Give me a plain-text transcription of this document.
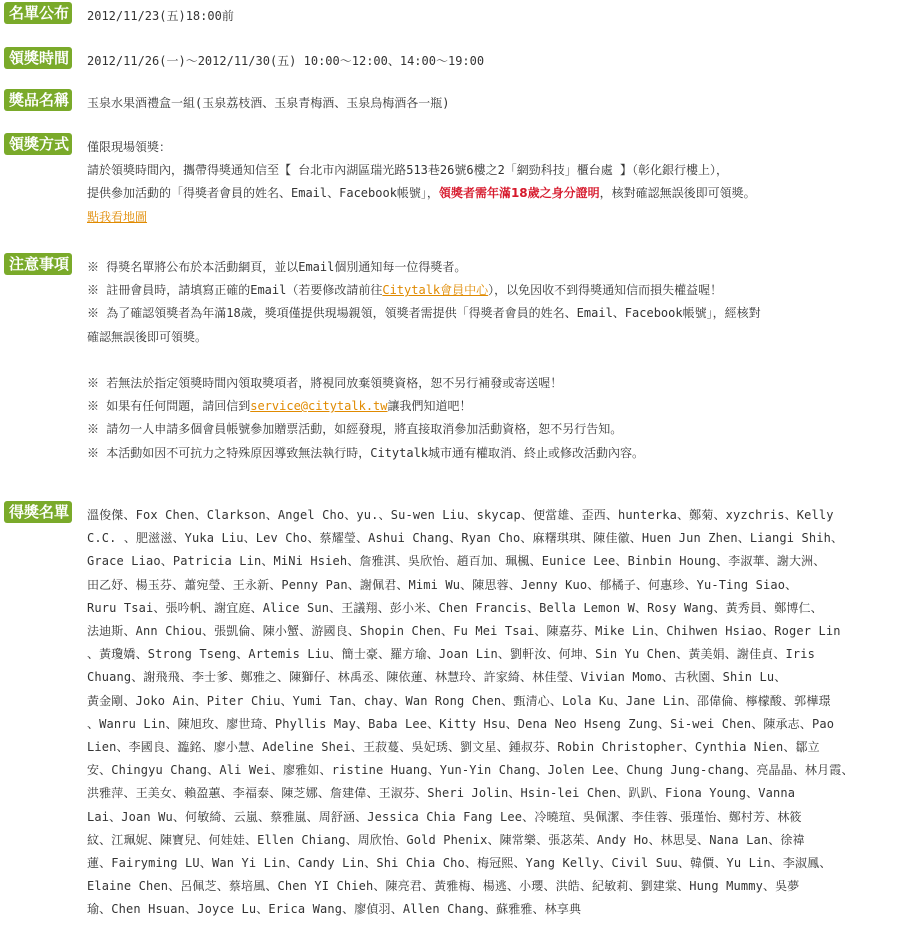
名單公布 2012/11/23(五)18:00前
領獎時間 2012/11/26(一)～2012/11/30(五) 10:00～12:00、14:00～19:00
獎品名稱 玉泉水果酒禮盒一組(玉泉荔枝酒、玉泉青梅酒、玉泉烏梅酒各一瓶)
領獎方式 僅限現場領獎：
請於領獎時間內，攜帶得獎通知信至【 台北市內湖區瑞光路513巷26號6樓之2「網勁科技」櫃台處 】（彰化銀行樓上），
提供參加活動的「得獎者會員的姓名、Email、Facebook帳號」，領獎者需年滿18歲之身分證明，核對確認無誤後即可領獎。
點我看地圖
注意事項 ※ 得獎名單將公布於本活動網頁，並以Email個別通知每一位得獎者。
※ 註冊會員時，請填寫正確的Email（若要修改請前往Citytalk會員中心），以免因收不到得獎通知信而損失權益喔！
※ 為了確認領獎者為年滿18歲，獎項僅提供現場親領，領獎者需提供「得獎者會員的姓名、Email、Facebook帳號」，經核對
確認無誤後即可領獎。
※ 若無法於指定領獎時間內領取獎項者，將視同放棄領獎資格，恕不另行補發或寄送喔！
※ 如果有任何問題，請回信到service@citytalk.tw讓我們知道吧！
※ 請勿一人申請多個會員帳號參加贈票活動，如經發現，將直接取消參加活動資格，恕不另行告知。
※ 本活動如因不可抗力之特殊原因導致無法執行時，Citytalk城市通有權取消、終止或修改活動內容。
得獎名單 溫俊傑、Fox Chen、Clarkson、Angel Cho、yu.、Su-wen Liu、skycap、便當雄、歪西、hunterka、鄭菊、xyzchris、Kelly
C.C. 、肥滋滋、Yuka Liu、Lev Cho、蔡耀瑩、Ashui Chang、Ryan Cho、麻糬琪琪、陳佳徽、Huen Jun Zhen、Liangi Shih、
Grace Liao、Patricia Lin、MiNi Hsieh、詹雅淇、吳欣怡、趙百加、珮楓、Eunice Lee、Binbin Houng、李淑華、謝大洲、
田乙妤、楊玉芬、蕭宛瑩、王永新、Penny Pan、謝佩君、Mimi Wu、陳思蓉、Jenny Kuo、郁橘子、何惠珍、Yu-Ting Siao、
Ruru Tsai、張吟帆、謝宜庭、Alice Sun、王議翔、彭小米、Chen Francis、Bella Lemon W、Rosy Wang、黃秀員、鄭博仁、
法迪斯、Ann Chiou、張凱倫、陳小蟹、游國良、Shopin Chen、Fu Mei Tsai、陳嘉芬、Mike Lin、Chihwen Hsiao、Roger Lin
、黃瓊嬌、Strong Tseng、Artemis Liu、簡士豪、羅方瑜、Joan Lin、劉軒汝、何坤、Sin Yu Chen、黃美娟、謝佳貞、Iris
Chuang、謝飛飛、李士爹、鄭雅之、陳獅仔、林禹丞、陳依蓮、林慧玲、許家綺、林佳瑩、Vivian Momo、古秋園、Shin Lu、
黃金剛、Joko Ain、Piter Chiu、Yumi Tan、chay、Wan Rong Chen、甄清心、Lola Ku、Jane Lin、邵偉倫、檸檬酸、郭樺璟
、Wanru Lin、陳旭玫、廖世琦、Phyllis May、Baba Lee、Kitty Hsu、Dena Neo Hseng Zung、Si-wei Chen、陳承志、Pao
Lien、李國良、瀶銘、廖小慧、Adeline Shei、王菽蔓、吳妃琇、劉文星、鍾叔芬、Robin Christopher、Cynthia Nien、鄒立
安、Chingyu Chang、Ali Wei、廖雅如、ristine Huang、Yun-Yin Chang、Jolen Lee、Chung Jung-chang、亮晶晶、林月霞、
洪雅萍、王美女、賴盈蕙、李福泰、陳芝娜、詹建偉、王淑芬、Sheri Jolin、Hsin-lei Chen、趴趴、Fiona Young、Vanna
Lai、Joan Wu、何敏綺、云嵐、蔡雅嵐、周舒涵、Jessica Chia Fang Lee、冷曉瑄、吳佩潔、李佳蓉、張瑾怡、鄭村芳、林筱
紋、江珮妮、陳寶兒、何娃娃、Ellen Chiang、周欣怡、Gold Phenix、陳常樂、張苾茱、Andy Ho、林思旻、Nana Lan、徐禕
蓮、Fairyming LU、Wan Yi Lin、Candy Lin、Shi Chia Cho、梅冠熙、Yang Kelly、Civil Suu、韓價、Yu Lin、李淑鳳、
Elaine Chen、呂佩芝、蔡培風、Chen YI Chieh、陳亮君、黃雅梅、楊逃、小瓔、洪皓、紀敏莉、劉建棠、Hung Mummy、吳夢
瑜、Chen Hsuan、Joyce Lu、Erica Wang、廖偵羽、Allen Chang、蘇雅雅、林享典
